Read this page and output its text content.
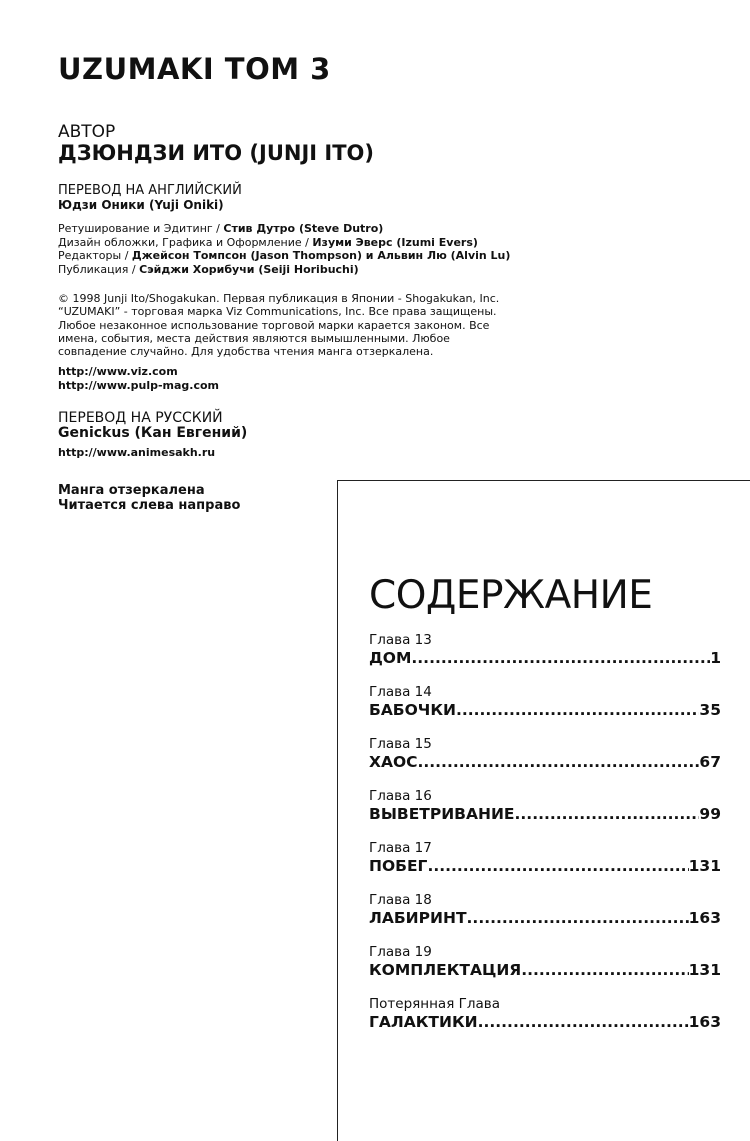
UZUMAKI TOM 3
АВТОР
ДЗЮНДЗИ ИТО (JUNJI ITO)
ПЕРЕВОД НА АНГЛИЙСКИЙ
Юдзи Оники (Yuji Oniki)
Ретуширование и Эдитинг / Стив Дутро (Steve Dutro)
Дизайн обложки, Графика и Оформление / Изуми Эверс (Izumi Evers)
Редакторы / Джейсон Томпсон (Jason Thompson) и Альвин Лю (Alvin Lu)
Публикация / Сэйджи Хорибучи (Seiji Horibuchi)
© 1998 Junji Ito/Shogakukan. Первая публикация в Японии - Shogakukan, Inc.
“UZUMAKI” - торговая марка Viz Communications, Inc. Все права защищены.
Любое незаконное использование торговой марки карается законом. Все
имена, события, места действия являются вымышленными. Любое
совпадение случайно. Для удобства чтения манга отзеркалена.
http://www.viz.com
http://www.pulp-mag.com
ПЕРЕВОД НА РУССКИЙ
Genickus (Кан Евгений)
http://www.animesakh.ru
Манга отзеркалена
Читается слева направо
СОДЕРЖАНИЕ
Глава 13
ДОМ .....	1
Глава 14
БАБОЧКИ .....	35
Глава 15
ХАОС .....	67
Глава 16
ВЫВЕТРИВАНИЕ .....	99
Глава 17
ПОБЕГ .....	131
Глава 18
ЛАБИРИНТ .....	163
Глава 19
КОМПЛЕКТАЦИЯ .....	131
Потерянная Глава
ГАЛАКТИКИ .....	163
